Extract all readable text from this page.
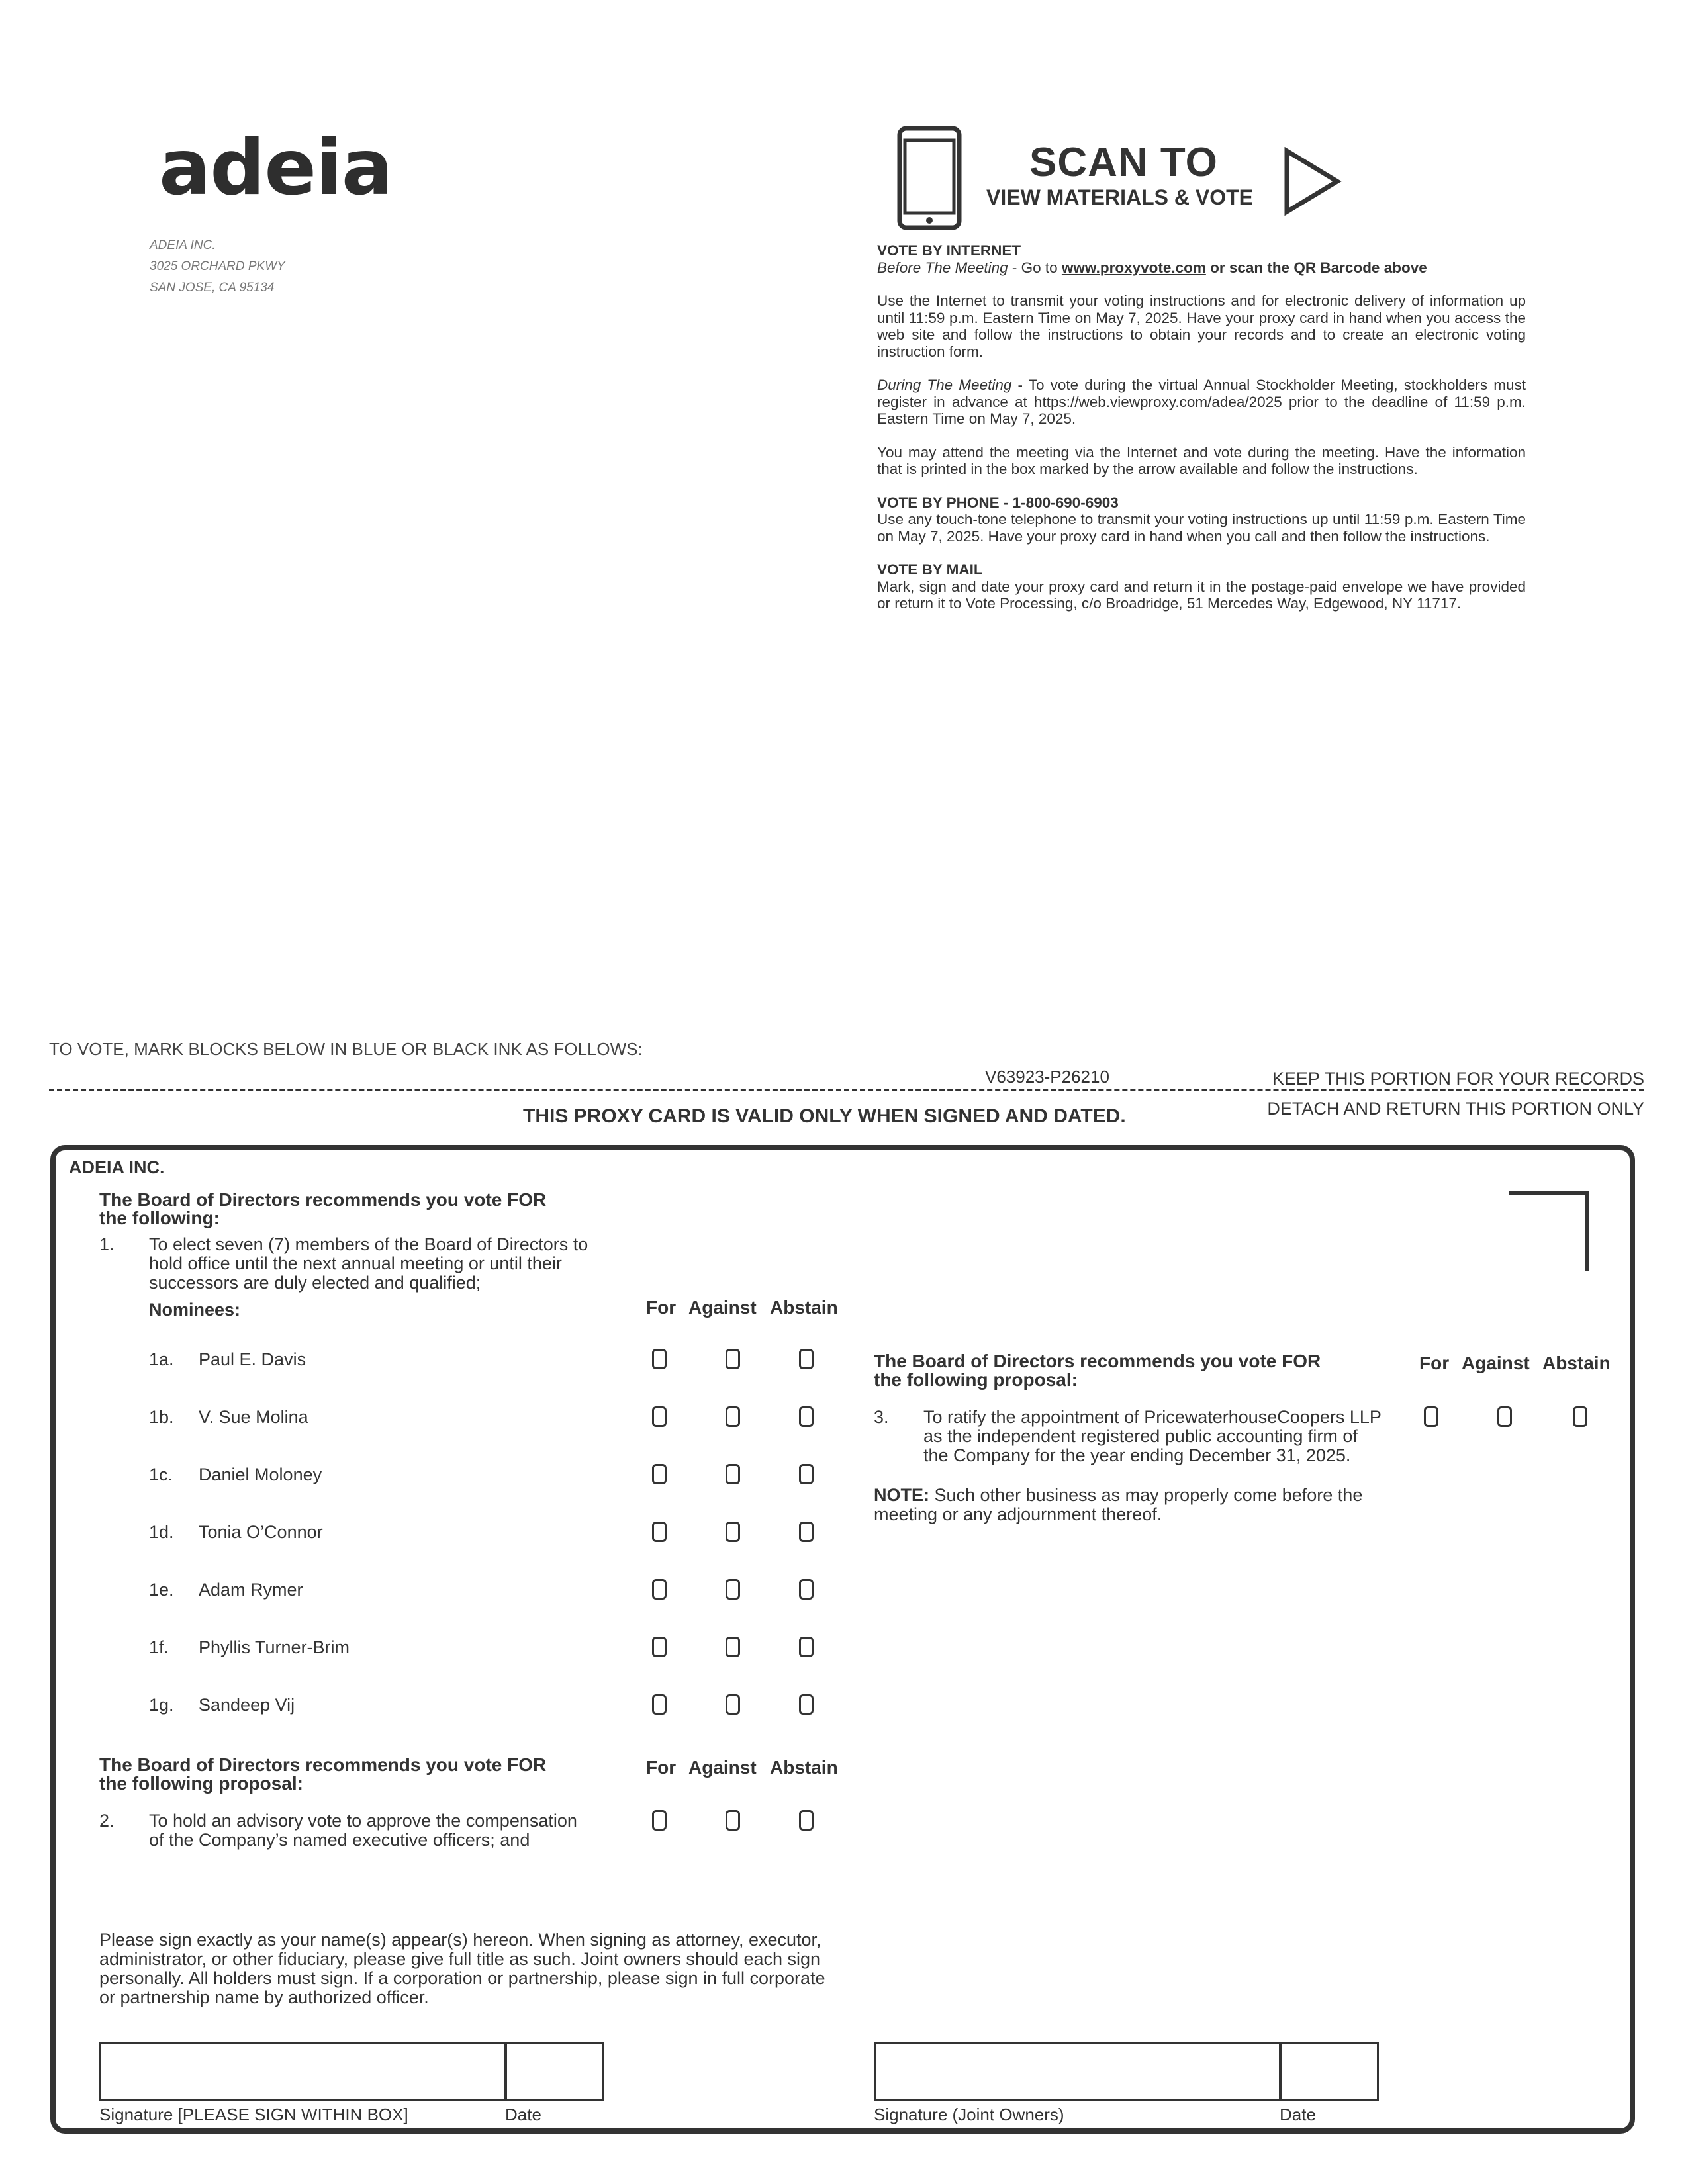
adeia
ADEIA INC.
3025 ORCHARD PKWY
SAN JOSE, CA 95134
SCAN TO
VIEW MATERIALS & VOTE

VOTE BY INTERNET
Before The Meeting - Go to www.proxyvote.com or scan the QR Barcode above

Use the Internet to transmit your voting instructions and for electronic delivery of information up until 11:59 p.m. Eastern Time on May 7, 2025. Have your proxy card in hand when you access the web site and follow the instructions to obtain your records and to create an electronic voting instruction form.

During The Meeting - To vote during the virtual Annual Stockholder Meeting, stockholders must register in advance at https://web.viewproxy.com/adea/2025 prior to the deadline of 11:59 p.m. Eastern Time on May 7, 2025.

You may attend the meeting via the Internet and vote during the meeting. Have the information that is printed in the box marked by the arrow available and follow the instructions.

VOTE BY PHONE - 1-800-690-6903
Use any touch-tone telephone to transmit your voting instructions up until 11:59 p.m. Eastern Time on May 7, 2025. Have your proxy card in hand when you call and then follow the instructions.

VOTE BY MAIL
Mark, sign and date your proxy card and return it in the postage-paid envelope we have provided or return it to Vote Processing, c/o Broadridge, 51 Mercedes Way, Edgewood, NY 11717.

TO VOTE, MARK BLOCKS BELOW IN BLUE OR BLACK INK AS FOLLOWS:
V63923-P26210	KEEP THIS PORTION FOR YOUR RECORDS
DETACH AND RETURN THIS PORTION ONLY
THIS PROXY CARD IS VALID ONLY WHEN SIGNED AND DATED.
ADEIA INC.
The Board of Directors recommends you vote FOR
the following:
1. To elect seven (7) members of the Board of Directors to
hold office until the next annual meeting or until their
successors are duly elected and qualified;
Nominees:	For Against Abstain
1a. Paul E. Davis
1b. V. Sue Molina
1c. Daniel Moloney
1d. Tonia O’Connor
1e. Adam Rymer
1f. Phyllis Turner-Brim
1g. Sandeep Vij
The Board of Directors recommends you vote FOR
the following proposal:
For Against Abstain
2. To hold an advisory vote to approve the compensation
of the Company’s named executive officers; and
The Board of Directors recommends you vote FOR
the following proposal:
For Against Abstain
3. To ratify the appointment of PricewaterhouseCoopers LLP
as the independent registered public accounting firm of
the Company for the year ending December 31, 2025.
NOTE: Such other business as may properly come before the
meeting or any adjournment thereof.
Please sign exactly as your name(s) appear(s) hereon. When signing as attorney, executor,
administrator, or other fiduciary, please give full title as such. Joint owners should each sign
personally. All holders must sign. If a corporation or partnership, please sign in full corporate
or partnership name by authorized officer.
Signature [PLEASE SIGN WITHIN BOX]	Date	Signature (Joint Owners)	Date
